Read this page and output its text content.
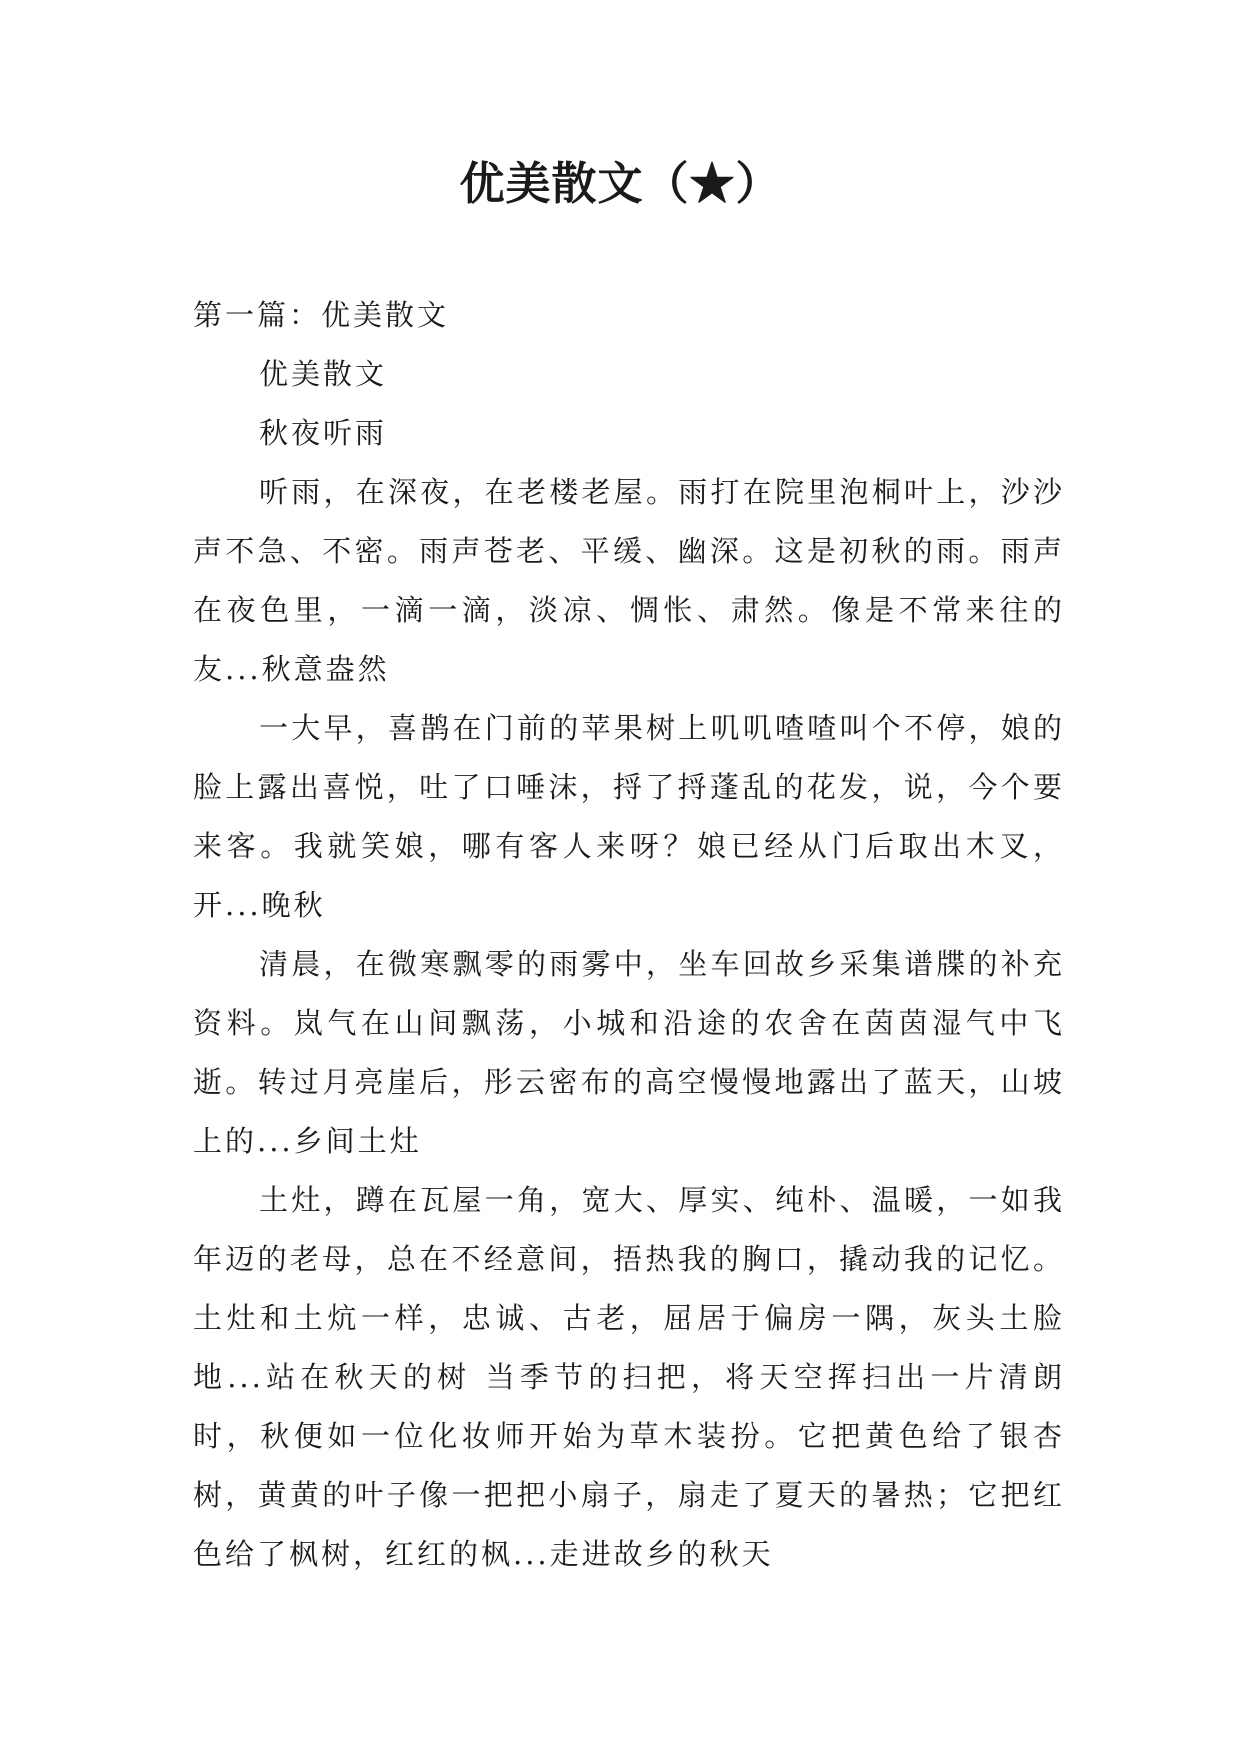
优美散文（★）

第一篇：优美散文

优美散文

秋夜听雨

听雨，在深夜，在老楼老屋。雨打在院里泡桐叶上，沙沙声不急、不密。雨声苍老、平缓、幽深。这是初秋的雨。雨声在夜色里，一滴一滴，淡凉、惆怅、肃然。像是不常来往的友...秋意盎然

一大早，喜鹊在门前的苹果树上叽叽喳喳叫个不停，娘的脸上露出喜悦，吐了口唾沫，捋了捋蓬乱的花发，说，今个要来客。我就笑娘，哪有客人来呀？娘已经从门后取出木叉，开...晚秋

清晨，在微寒飘零的雨雾中，坐车回故乡采集谱牒的补充资料。岚气在山间飘荡，小城和沿途的农舍在茵茵湿气中飞逝。转过月亮崖后，彤云密布的高空慢慢地露出了蓝天，山坡上的...乡间土灶

土灶，蹲在瓦屋一角，宽大、厚实、纯朴、温暖，一如我年迈的老母，总在不经意间，捂热我的胸口，撬动我的记忆。土灶和土炕一样，忠诚、古老，屈居于偏房一隅，灰头土脸地...站在秋天的树 当季节的扫把，将天空挥扫出一片清朗时，秋便如一位化妆师开始为草木装扮。它把黄色给了银杏树，黄黄的叶子像一把把小扇子，扇走了夏天的暑热；它把红色给了枫树，红红的枫...走进故乡的秋天
